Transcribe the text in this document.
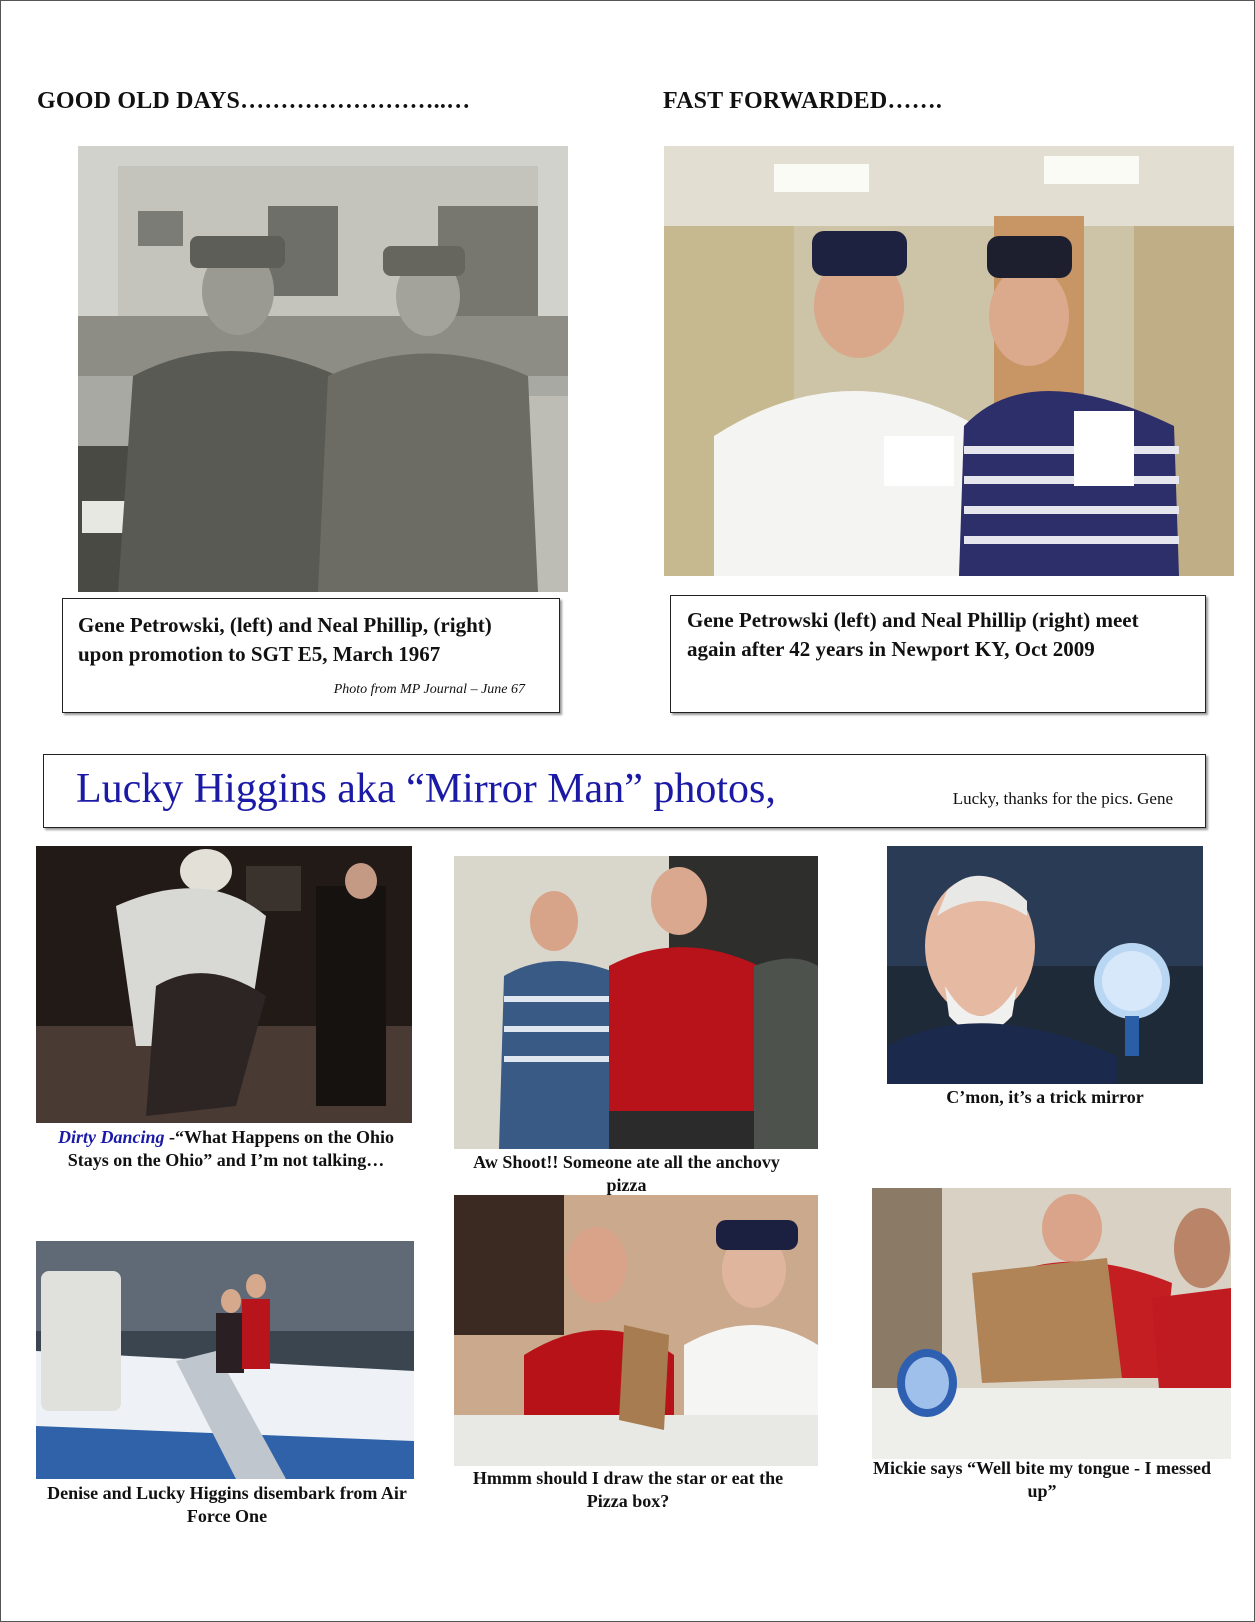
GOOD OLD DAYS……………………..…	FAST FORWARDED…….
Gene Petrowski, (left) and Neal Phillip, (right) upon promotion to SGT E5, March 1967
Photo from MP Journal – June 67
Gene Petrowski (left) and Neal Phillip (right) meet again after 42 years in Newport KY, Oct 2009
Lucky Higgins aka “Mirror Man” photos,	Lucky, thanks for the pics. Gene
Dirty Dancing -“What Happens on the Ohio Stays on the Ohio” and I’m not talking…	Aw Shoot!! Someone ate all the anchovy pizza
C’mon, it’s a trick mirror
Denise and Lucky Higgins disembark from Air Force One
Hmmm should I draw the star or eat the Pizza box?
Mickie says “Well bite my tongue - I messed up”
